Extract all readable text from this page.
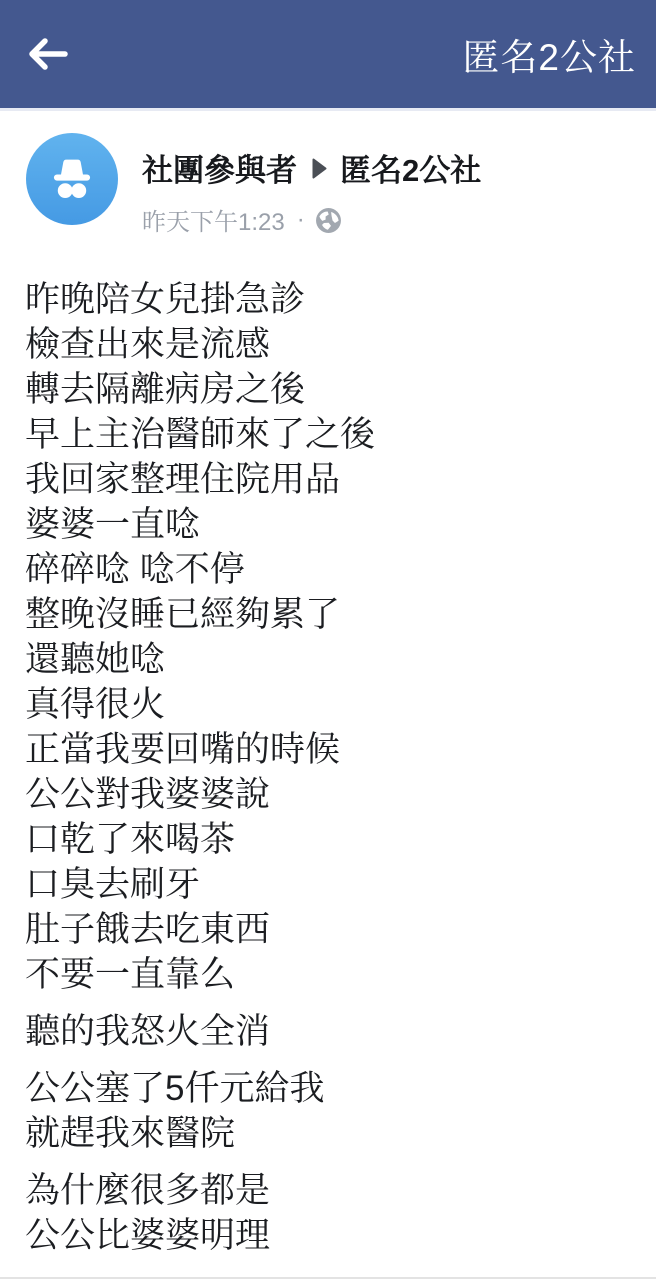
匿名2公社
社團參與者 匿名2公社
昨天下午1:23 ·
昨晚陪女兒掛急診
檢查出來是流感
轉去隔離病房之後
早上主治醫師來了之後
我回家整理住院用品
婆婆一直唸
碎碎唸 唸不停
整晚沒睡已經夠累了
還聽她唸
真得很火
正當我要回嘴的時候
公公對我婆婆說
口乾了來喝茶
口臭去刷牙
肚子餓去吃東西
不要一直靠么
聽的我怒火全消
公公塞了5仟元給我
就趕我來醫院
為什麼很多都是
公公比婆婆明理
